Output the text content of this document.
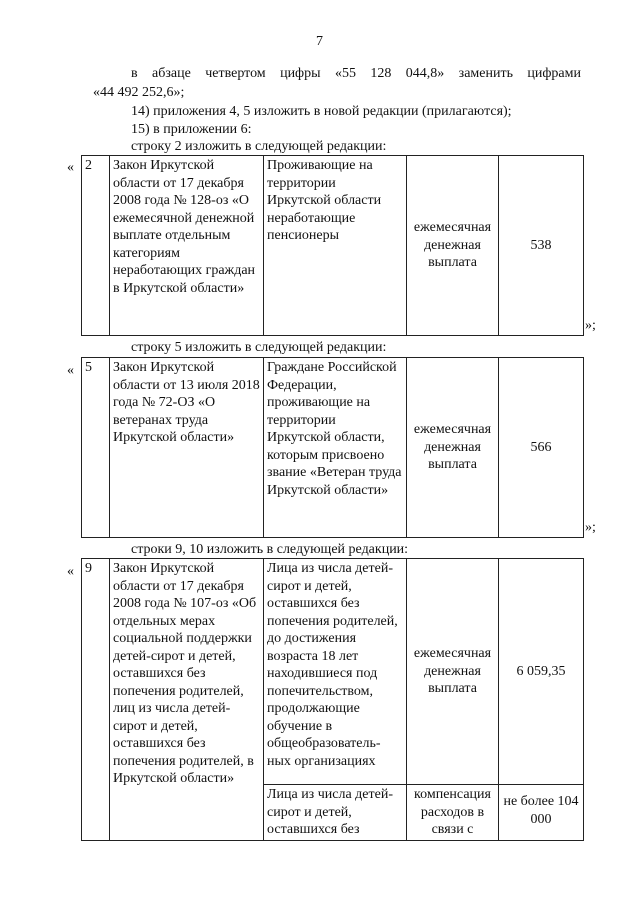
7
в абзаце четвертом цифры «55 128 044,8» заменить цифрами
«44 492 252,6»;
14) приложения 4, 5 изложить в новой редакции (прилагаются);
15) в приложении 6:
строку 2 изложить в следующей редакции:
« 2	Закон Иркутской области от 17 декабря 2008 года № 128-оз «О ежемесячной денежной выплате отдельным категориям неработающих граждан в Иркутской области»	Проживающие на территории Иркутской области неработающие пенсионеры	ежемесячная денежная выплата	538
»;
строку 5 изложить в следующей редакции:
« 5	Закон Иркутской области от 13 июля 2018 года № 72-ОЗ «О ветеранах труда Иркутской области»	Граждане Российской Федерации, проживающие на территории Иркутской области, которым присвоено звание «Ветеран труда Иркутской области»	ежемесячная денежная выплата	566
»;
строки 9, 10 изложить в следующей редакции:
« 9	Закон Иркутской области от 17 декабря 2008 года № 107-оз «Об отдельных мерах социальной поддержки детей-сирот и детей, оставшихся без попечения родителей, лиц из числа детей-сирот и детей, оставшихся без попечения родителей, в Иркутской области»	Лица из числа детей-сирот и детей, оставшихся без попечения родителей, до достижения возраста 18 лет находившиеся под попечительством, продолжающие обучение в общеобразователь-ных организациях	ежемесячная денежная выплата	6 059,35
		Лица из числа детей-сирот и детей, оставшихся без	компенсация расходов в связи с	не более 104 000
